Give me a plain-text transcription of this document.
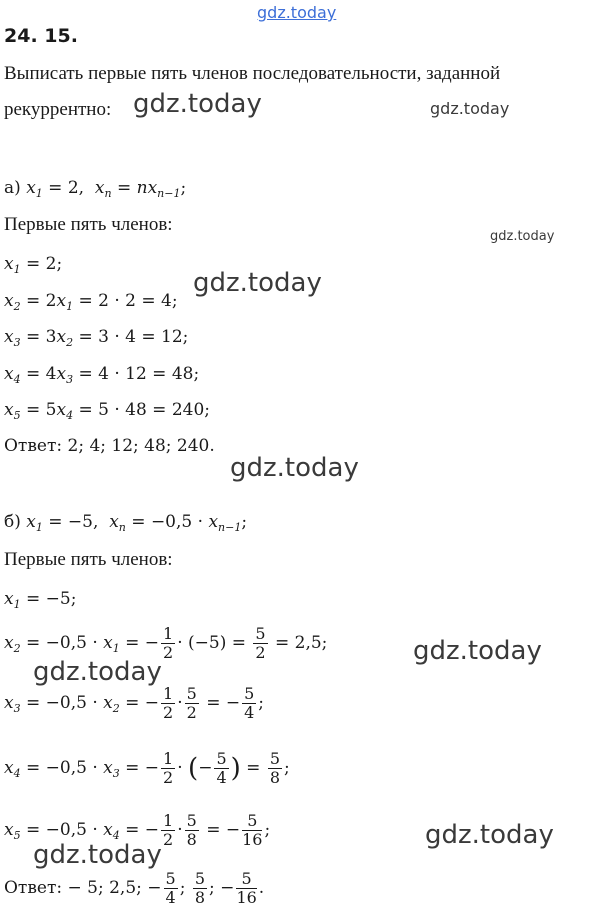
gdz.today
gdz.today	gdz.today
gdz.today
gdz.today
gdz.today
gdz.today
gdz.today
gdz.today
gdz.today
24. 15.
Выписать первые пять членов последовательности, заданной
рекуррентно:
а) $x_1 = 2$,  $x_n = nx_{n-1}$;
Первые пять членов:
$x_1 = 2$;
$x_2 = 2x_1 = 2 \cdot 2 = 4$;
$x_3 = 3x_2 = 3 \cdot 4 = 12$;
$x_4 = 4x_3 = 4 \cdot 12 = 48$;
$x_5 = 5x_4 = 5 \cdot 48 = 240$;
Ответ: 2; 4; 12; 48; 240.
б) $x_1 = -5$,  $x_n = -0,5 \cdot x_{n-1}$;
Первые пять членов:
$x_1 = -5$;
$x_2 = -0,5 \cdot x_1$ = − $\frac{1}{2} \cdot (-5) = \frac{5}{2} = 2,5$;
$x_3 = -0,5 \cdot x_2$ = − $\frac{1}{2} \cdot \frac{5}{2}$ = − $\frac{5}{4}$ ;
$x_4 = -0,5 \cdot x_3$ = − $\frac{1}{2}$ · (− $\frac{5}{4}$ ) = $\frac{5}{8}$ ;
$x_5 = -0,5 \cdot x_4$ = − $\frac{1}{2} \cdot \frac{5}{8}$ = − $\frac{5}{16}$ ;
Ответ: − 5; 2,5; − $\frac{5}{4}$ ; $\frac{5}{8}$ ; − $\frac{5}{16}$ .
